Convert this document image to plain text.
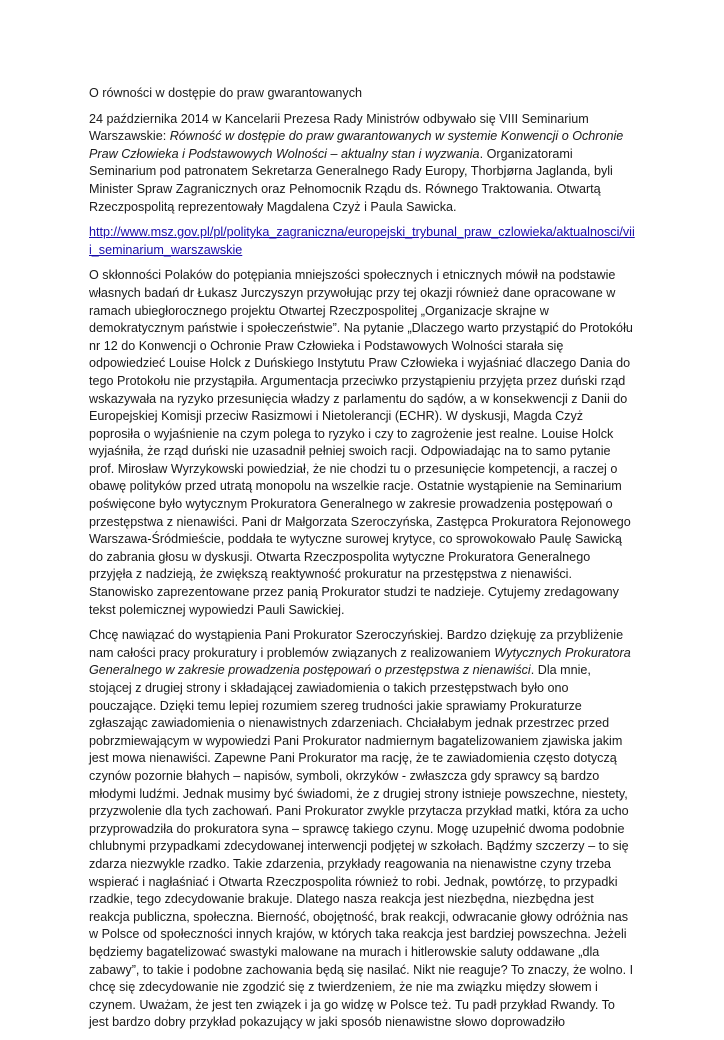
O równości w dostępie do praw gwarantowanych

24 października 2014 w Kancelarii Prezesa Rady Ministrów odbywało się VIII Seminarium Warszawskie: Równość w dostępie do praw gwarantowanych w systemie Konwencji o Ochronie Praw Człowieka i Podstawowych Wolności – aktualny stan i wyzwania. Organizatorami Seminarium pod patronatem Sekretarza Generalnego Rady Europy, Thorbjørna Jaglanda, byli Minister Spraw Zagranicznych oraz Pełnomocnik Rządu ds. Równego Traktowania. Otwartą Rzeczpospolitą reprezentowały Magdalena Czyż i Paula Sawicka.

http://www.msz.gov.pl/pl/polityka_zagraniczna/europejski_trybunal_praw_czlowieka/aktualnosci/viii_seminarium_warszawskie

O skłonności Polaków do potępiania mniejszości społecznych i etnicznych mówił na podstawie własnych badań dr Łukasz Jurczyszyn przywołując przy tej okazji również dane opracowane w ramach ubiegłorocznego projektu Otwartej Rzeczpospolitej „Organizacje skrajne w demokratycznym państwie i społeczeństwie”. Na pytanie „Dlaczego warto przystąpić do Protokółu nr 12 do Konwencji o Ochronie Praw Człowieka i Podstawowych Wolności starała się odpowiedzieć Louise Holck z Duńskiego Instytutu Praw Człowieka i wyjaśniać dlaczego Dania do tego Protokołu nie przystąpiła. Argumentacja przeciwko przystąpieniu przyjęta przez duński rząd wskazywała na ryzyko przesunięcia władzy z parlamentu do sądów, a w konsekwencji z Danii do Europejskiej Komisji przeciw Rasizmowi i Nietolerancji (ECHR). W dyskusji, Magda Czyż poprosiła o wyjaśnienie na czym polega to ryzyko i czy to zagrożenie jest realne. Louise Holck wyjaśniła, że rząd duński nie uzasadnił pełniej swoich racji. Odpowiadając na to samo pytanie prof. Mirosław Wyrzykowski powiedział, że nie chodzi tu o przesunięcie kompetencji, a raczej o obawę polityków przed utratą monopolu na wszelkie racje. Ostatnie wystąpienie na Seminarium poświęcone było wytycznym Prokuratora Generalnego w zakresie prowadzenia postępowań o przestępstwa z nienawiści. Pani dr Małgorzata Szeroczyńska, Zastępca Prokuratora Rejonowego Warszawa-Śródmieście, poddała te wytyczne surowej krytyce, co sprowokowało Paulę Sawicką do zabrania głosu w dyskusji. Otwarta Rzeczpospolita wytyczne Prokuratora Generalnego przyjęła z nadzieją, że zwiększą reaktywność prokuratur na przestępstwa z nienawiści. Stanowisko zaprezentowane przez panią Prokurator studzi te nadzieje. Cytujemy zredagowany tekst polemicznej wypowiedzi Pauli Sawickiej.

Chcę nawiązać do wystąpienia Pani Prokurator Szeroczyńskiej. Bardzo dziękuję za przybliżenie nam całości pracy prokuratury i problemów związanych z realizowaniem Wytycznych Prokuratora Generalnego w zakresie prowadzenia postępowań o przestępstwa z nienawiści. Dla mnie, stojącej z drugiej strony i składającej zawiadomienia o takich przestępstwach było ono pouczające. Dzięki temu lepiej rozumiem szereg trudności jakie sprawiamy Prokuraturze zgłaszając zawiadomienia o nienawistnych zdarzeniach. Chciałabym jednak przestrzec przed pobrzmiewającym w wypowiedzi Pani Prokurator nadmiernym bagatelizowaniem zjawiska jakim jest mowa nienawiści. Zapewne Pani Prokurator ma rację, że te zawiadomienia często dotyczą czynów pozornie błahych – napisów, symboli, okrzyków - zwłaszcza gdy sprawcy są bardzo młodymi ludźmi. Jednak musimy być świadomi, że z drugiej strony istnieje powszechne, niestety, przyzwolenie dla tych zachowań. Pani Prokurator zwykle przytacza przykład matki, która za ucho przyprowadziła do prokuratora syna – sprawcę takiego czynu. Mogę uzupełnić dwoma podobnie chlubnymi przypadkami zdecydowanej interwencji podjętej w szkołach. Bądźmy szczerzy – to się zdarza niezwykle rzadko. Takie zdarzenia, przykłady reagowania na nienawistne czyny trzeba wspierać i nagłaśniać i Otwarta Rzeczpospolita również to robi. Jednak, powtórzę, to przypadki rzadkie, tego zdecydowanie brakuje. Dlatego nasza reakcja jest niezbędna, niezbędna jest reakcja publiczna, społeczna. Bierność, obojętność, brak reakcji, odwracanie głowy odróżnia nas w Polsce od społeczności innych krajów, w których taka reakcja jest bardziej powszechna. Jeżeli będziemy bagatelizować swastyki malowane na murach i hitlerowskie saluty oddawane „dla zabawy”, to takie i podobne zachowania będą się nasilać. Nikt nie reaguje? To znaczy, że wolno. I chcę się zdecydowanie nie zgodzić się z twierdzeniem, że nie ma związku między słowem i czynem. Uważam, że jest ten związek i ja go widzę w Polsce też. Tu padł przykład Rwandy. To jest bardzo dobry przykład pokazujący w jaki sposób nienawistne słowo doprowadziło
